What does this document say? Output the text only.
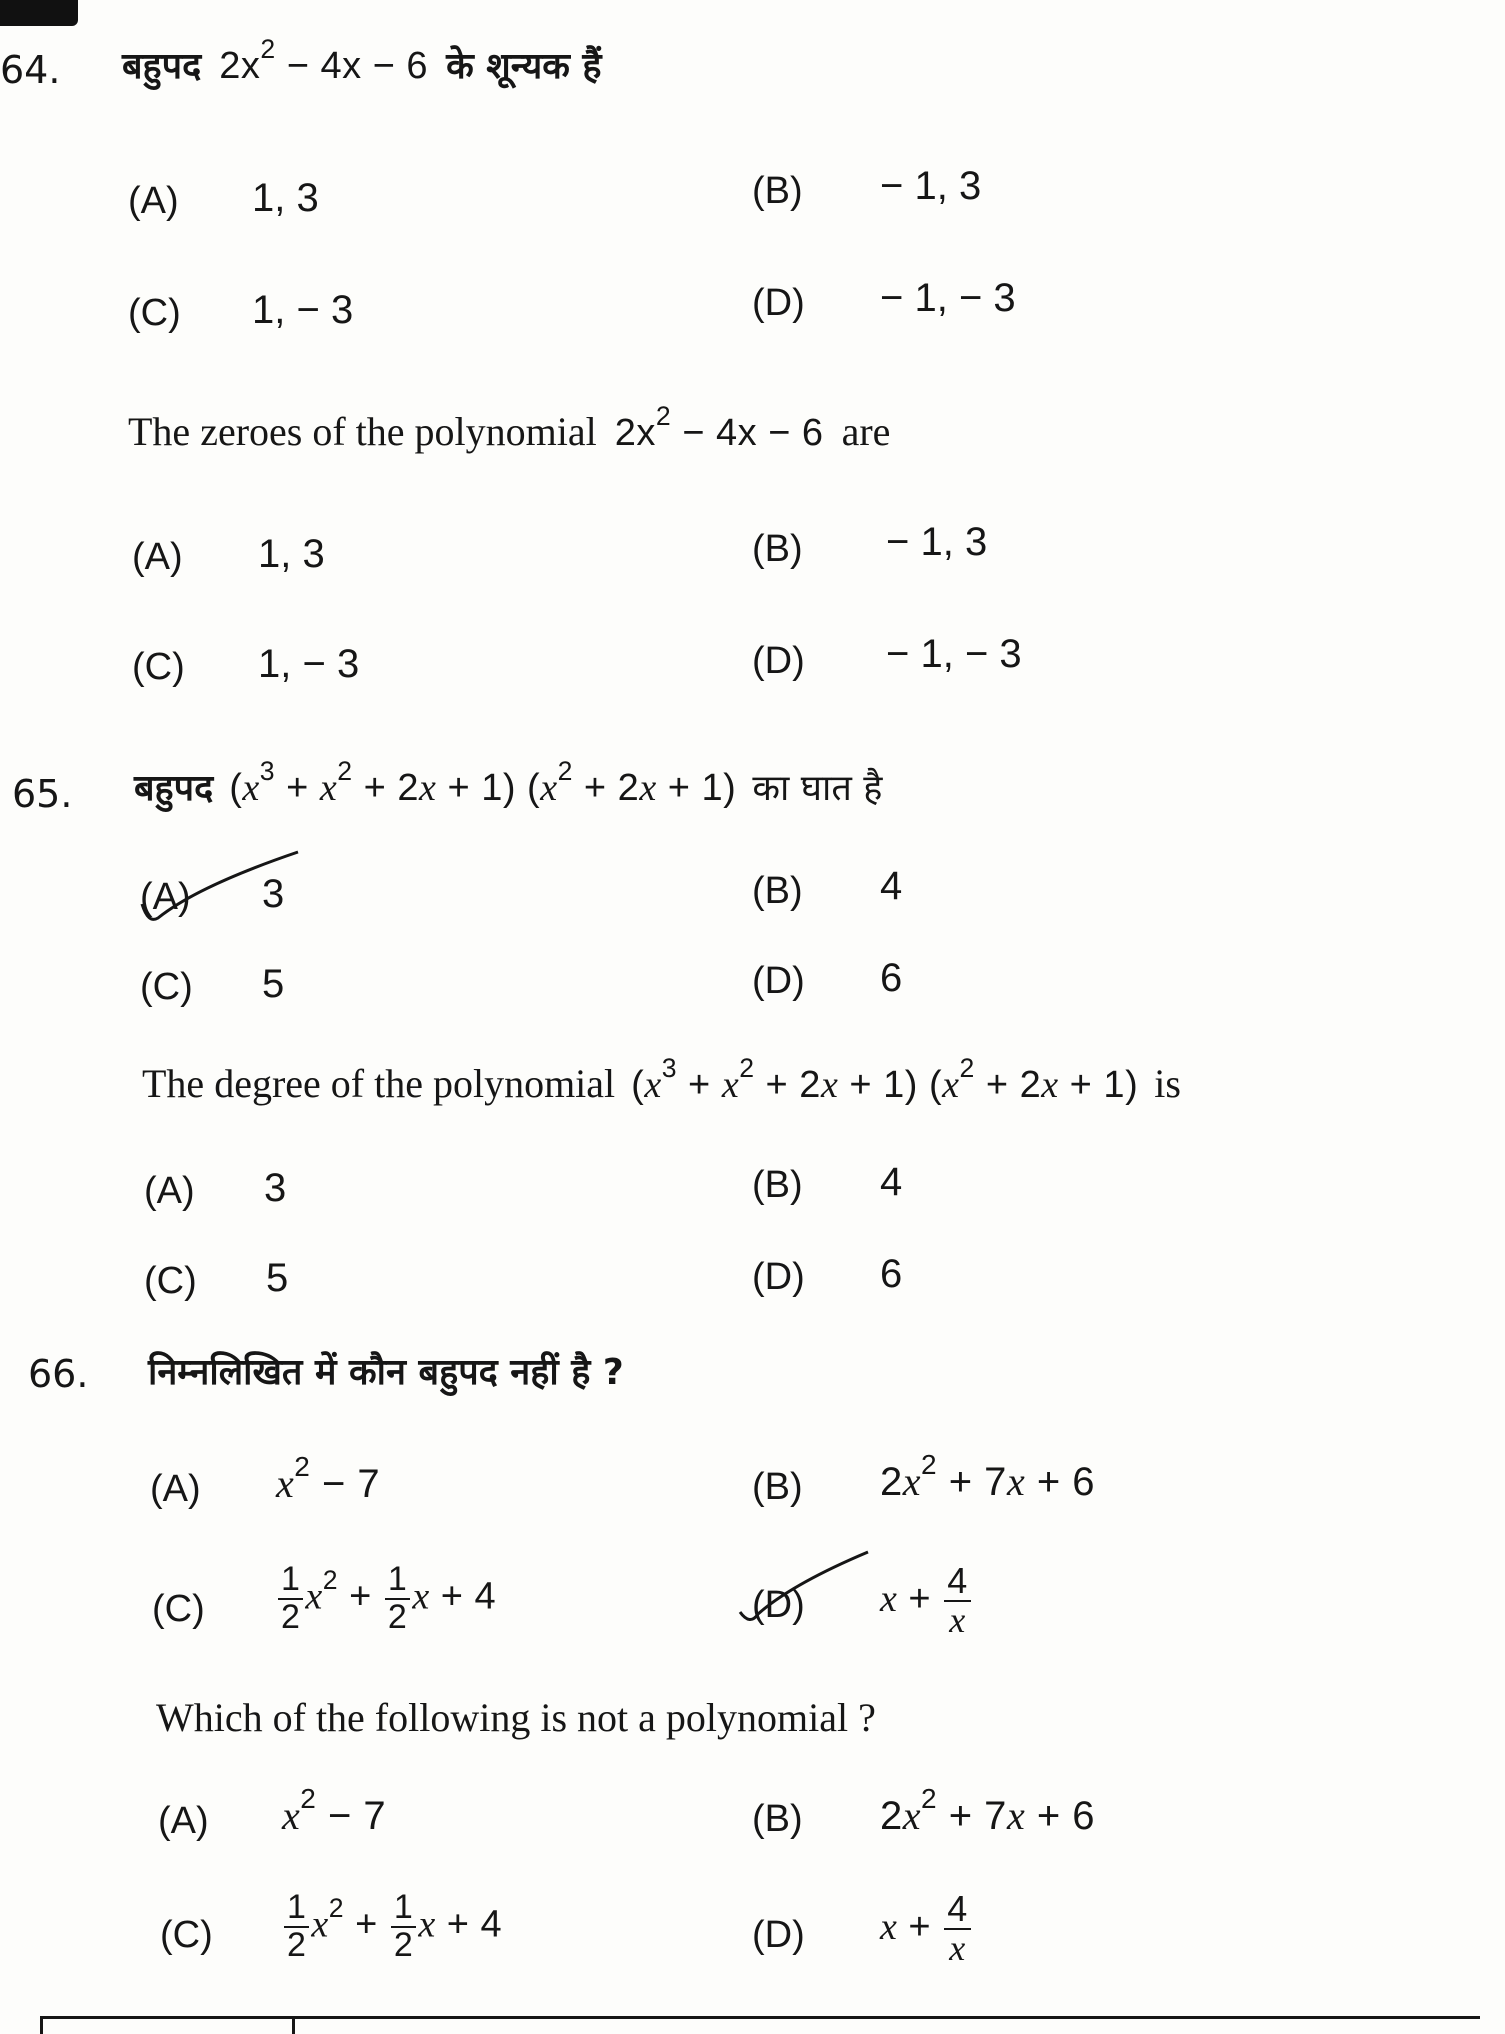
64. बहुपद $2x^2 - 4x - 6$ के शून्यक हैं
(A) 1, 3	(B) − 1, 3
(C) 1, − 3	(D) − 1, − 3
The zeroes of the polynomial $2x^2 - 4x - 6$ are
(A) 1, 3	(B) − 1, 3
(C) 1, − 3	(D) − 1, − 3
65. बहुपद $(x^3 + x^2 + 2x + 1) (x^2 + 2x + 1)$ का घात है
(A) 3	(B) 4
(C) 5	(D) 6
The degree of the polynomial $(x^3 + x^2 + 2x + 1) (x^2 + 2x + 1)$ is
(A) 3	(B) 4
(C) 5	(D) 6
66. निम्नलिखित में कौन बहुपद नहीं है ?
(A) $x^2 - 7$	(B) $2x^2 + 7x + 6$
$(C) \frac{1}{2} x^2 + \frac{1}{2}$ x + 4	(D) $x + \frac{4}{x}$
Which of the following is not a polynomial ?
(A) $x^2 - 7$	(B) $2x^2 + 7x + 6$
$(C) \frac{1}{2} x^2 + \frac{1}{2}$ x + 4	(D) $x + \frac{4}{x}$
